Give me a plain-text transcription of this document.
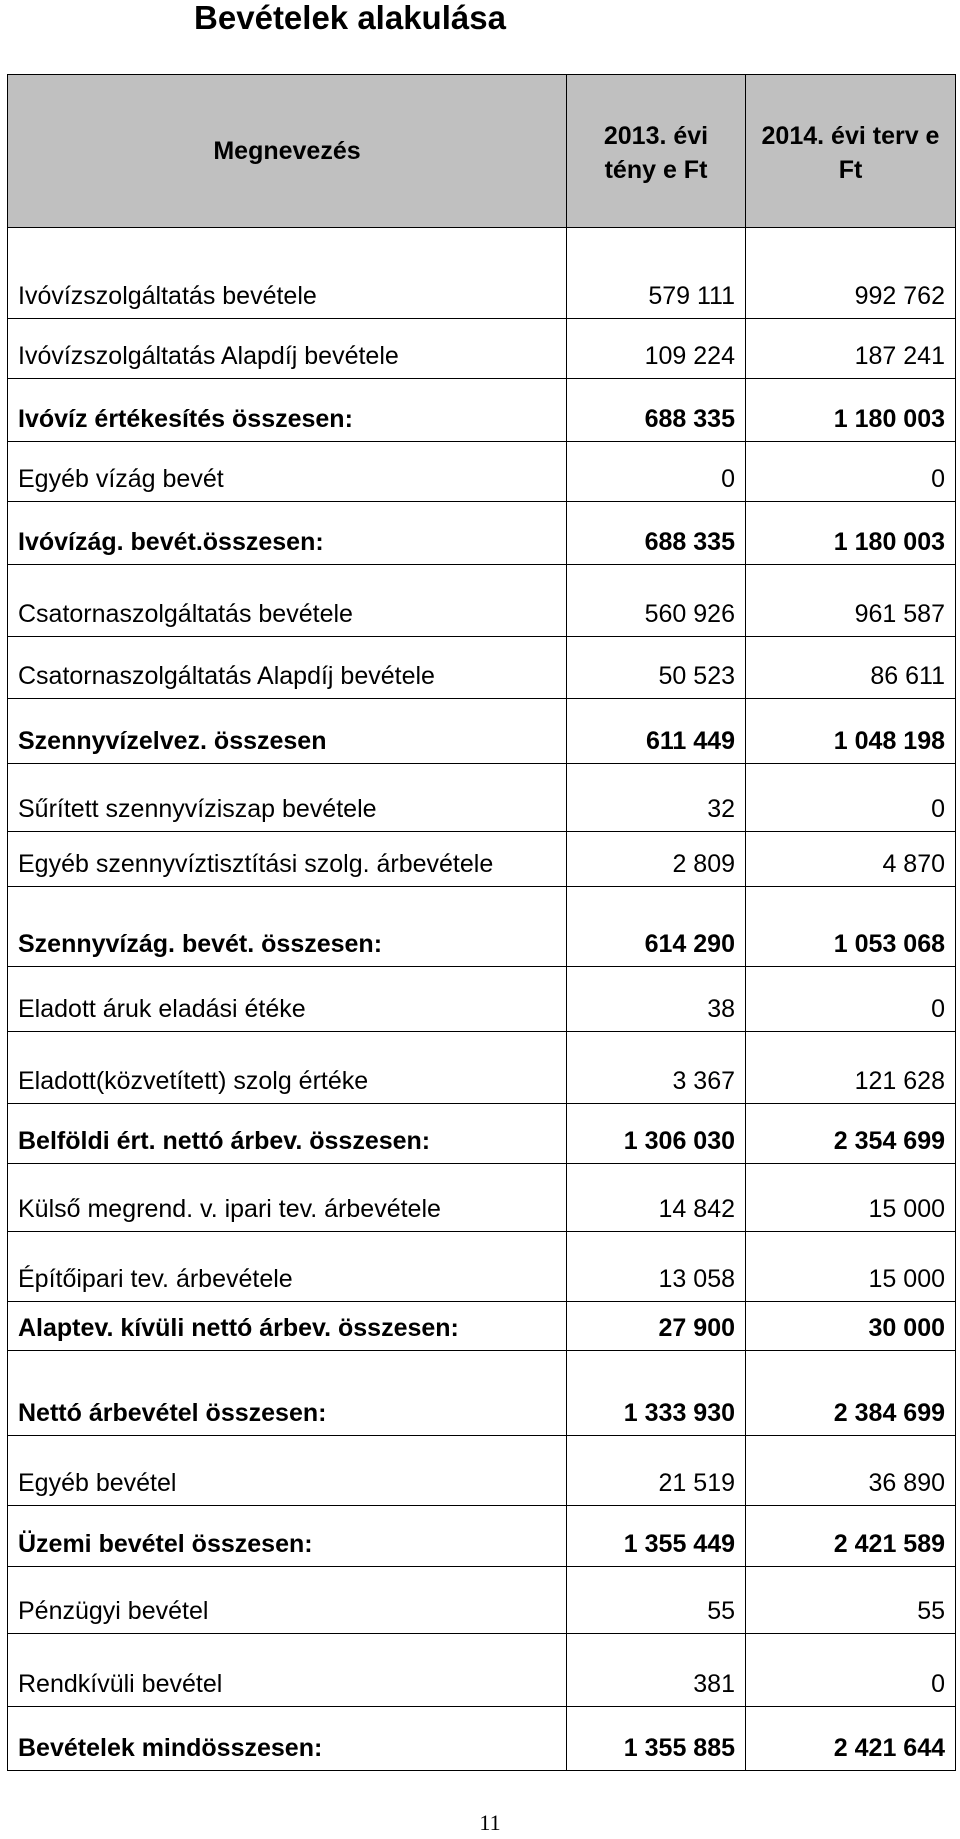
Bevételek alakulása
Megnevezés	2013. évi tény e Ft	2014. évi terv e Ft
Ivóvízszolgáltatás bevétele	579 111	992 762
Ivóvízszolgáltatás Alapdíj bevétele	109 224	187 241
Ivóvíz értékesítés összesen:	688 335	1 180 003
Egyéb vízág bevét	0	0
Ivóvízág. bevét.összesen:	688 335	1 180 003
Csatornaszolgáltatás bevétele	560 926	961 587
Csatornaszolgáltatás Alapdíj bevétele	50 523	86 611
Szennyvízelvez. összesen	611 449	1 048 198
Sűrített szennyvíziszap bevétele	32	0
Egyéb szennyvíztisztítási szolg. árbevétele	2 809	4 870
Szennyvízág. bevét. összesen:	614 290	1 053 068
Eladott áruk eladási étéke	38	0
Eladott(közvetített) szolg értéke	3 367	121 628
Belföldi ért. nettó árbev. összesen:	1 306 030	2 354 699
Külső megrend. v. ipari tev. árbevétele	14 842	15 000
Építőipari tev. árbevétele	13 058	15 000
Alaptev. kívüli nettó árbev. összesen:	27 900	30 000
Nettó árbevétel összesen:	1 333 930	2 384 699
Egyéb bevétel	21 519	36 890
Üzemi bevétel összesen:	1 355 449	2 421 589
Pénzügyi bevétel	55	55
Rendkívüli bevétel	381	0
Bevételek mindösszesen:	1 355 885	2 421 644
11
